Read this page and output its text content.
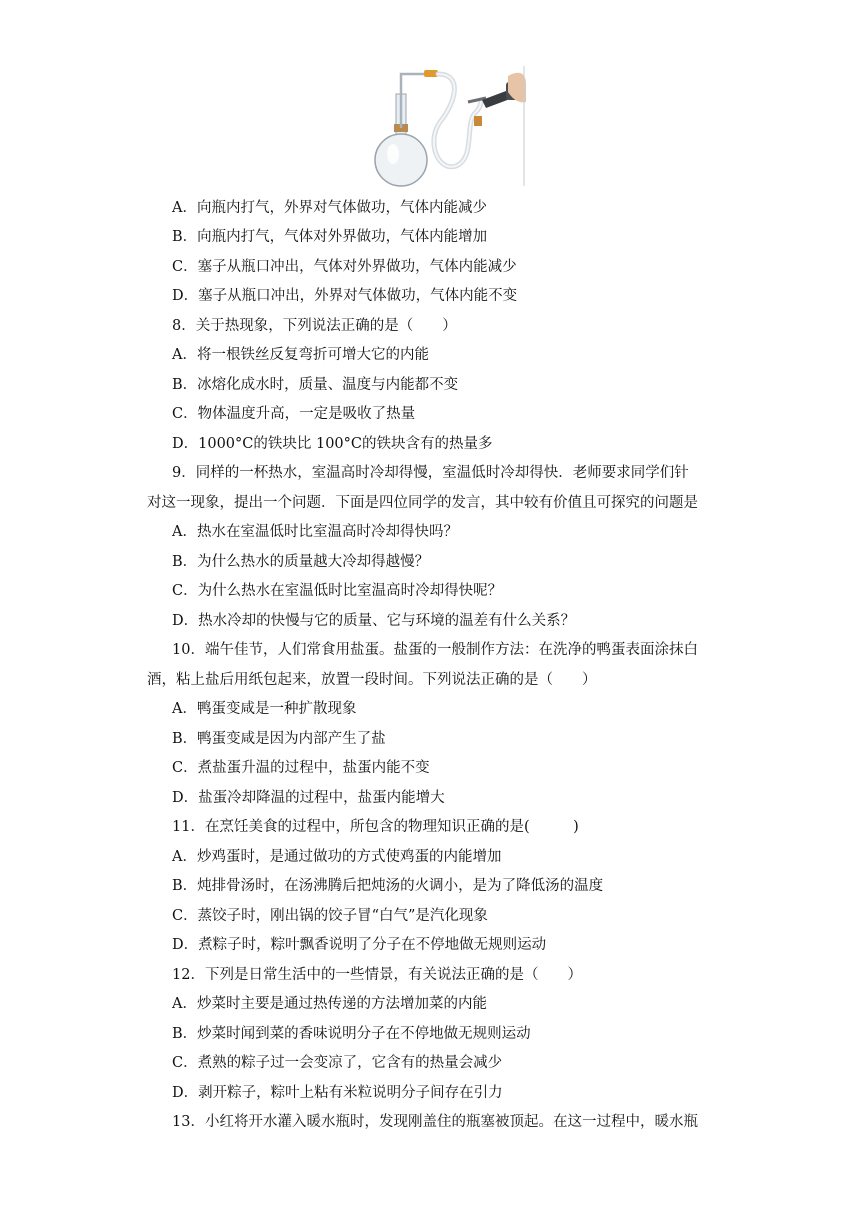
A．向瓶内打气，外界对气体做功，气体内能减少
B．向瓶内打气，气体对外界做功，气体内能增加
C．塞子从瓶口冲出，气体对外界做功，气体内能减少
D．塞子从瓶口冲出，外界对气体做功，气体内能不变
8．关于热现象，下列说法正确的是（　　）
A．将一根铁丝反复弯折可增大它的内能
B．冰熔化成水时，质量、温度与内能都不变
C．物体温度升高，一定是吸收了热量
D．1000°C的铁块比 100°C的铁块含有的热量多
9．同样的一杯热水，室温高时冷却得慢，室温低时冷却得快．老师要求同学们针
对这一现象，提出一个问题．下面是四位同学的发言，其中较有价值且可探究的问题是
A．热水在室温低时比室温高时冷却得快吗？
B．为什么热水的质量越大冷却得越慢？
C．为什么热水在室温低时比室温高时冷却得快呢？
D．热水冷却的快慢与它的质量、它与环境的温差有什么关系？
10．端午佳节，人们常食用盐蛋。盐蛋的一般制作方法：在洗净的鸭蛋表面涂抹白
酒，粘上盐后用纸包起来，放置一段时间。下列说法正确的是（　　）
A．鸭蛋变咸是一种扩散现象
B．鸭蛋变咸是因为内部产生了盐
C．煮盐蛋升温的过程中，盐蛋内能不变
D．盐蛋冷却降温的过程中，盐蛋内能增大
11．在烹饪美食的过程中，所包含的物理知识正确的是(　　　)
A．炒鸡蛋时，是通过做功的方式使鸡蛋的内能增加
B．炖排骨汤时，在汤沸腾后把炖汤的火调小，是为了降低汤的温度
C．蒸饺子时，刚出锅的饺子冒“白气”是汽化现象
D．煮粽子时，粽叶飘香说明了分子在不停地做无规则运动
12．下列是日常生活中的一些情景，有关说法正确的是（　　）
A．炒菜时主要是通过热传递的方法增加菜的内能
B．炒菜时闻到菜的香味说明分子在不停地做无规则运动
C．煮熟的粽子过一会变凉了，它含有的热量会减少
D．剥开粽子，粽叶上粘有米粒说明分子间存在引力
13．小红将开水灌入暖水瓶时，发现刚盖住的瓶塞被顶起。在这一过程中，暖水瓶
